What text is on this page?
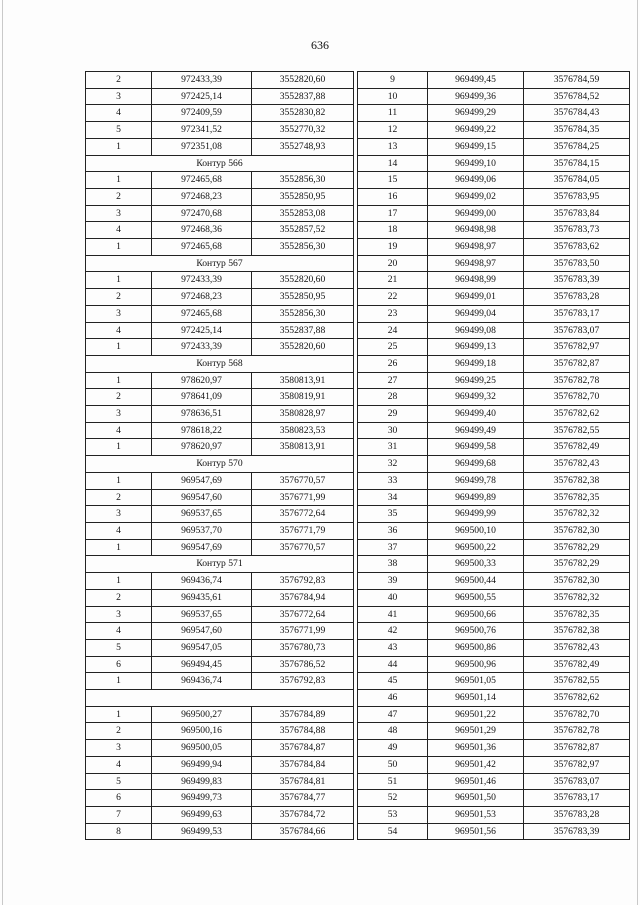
636
2	972433,39	3552820,60
3	972425,14	3552837,88
4	972409,59	3552830,82
5	972341,52	3552770,32
1	972351,08	3552748,93
Контур 566		
1	972465,68	3552856,30
2	972468,23	3552850,95
3	972470,68	3552853,08
4	972468,36	3552857,52
1	972465,68	3552856,30
Контур 567		
1	972433,39	3552820,60
2	972468,23	3552850,95
3	972465,68	3552856,30
4	972425,14	3552837,88
1	972433,39	3552820,60
Контур 568		
1	978620,97	3580813,91
2	978641,09	3580819,91
3	978636,51	3580828,97
4	978618,22	3580823,53
1	978620,97	3580813,91
Контур 570		
1	969547,69	3576770,57
2	969547,60	3576771,99
3	969537,65	3576772,64
4	969537,70	3576771,79
1	969547,69	3576770,57
Контур 571		
1	969436,74	3576792,83
2	969435,61	3576784,94
3	969537,65	3576772,64
4	969547,60	3576771,99
5	969547,05	3576780,73
6	969494,45	3576786,52
1	969436,74	3576792,83

1	969500,27	3576784,89
2	969500,16	3576784,88
3	969500,05	3576784,87
4	969499,94	3576784,84
5	969499,83	3576784,81
6	969499,73	3576784,77
7	969499,63	3576784,72
8	969499,53	3576784,66
9	969499,45	3576784,59
10	969499,36	3576784,52
11	969499,29	3576784,43
12	969499,22	3576784,35
13	969499,15	3576784,25
14	969499,10	3576784,15
15	969499,06	3576784,05
16	969499,02	3576783,95
17	969499,00	3576783,84
18	969498,98	3576783,73
19	969498,97	3576783,62
20	969498,97	3576783,50
21	969498,99	3576783,39
22	969499,01	3576783,28
23	969499,04	3576783,17
24	969499,08	3576783,07
25	969499,13	3576782,97
26	969499,18	3576782,87
27	969499,25	3576782,78
28	969499,32	3576782,70
29	969499,40	3576782,62
30	969499,49	3576782,55
31	969499,58	3576782,49
32	969499,68	3576782,43
33	969499,78	3576782,38
34	969499,89	3576782,35
35	969499,99	3576782,32
36	969500,10	3576782,30
37	969500,22	3576782,29
38	969500,33	3576782,29
39	969500,44	3576782,30
40	969500,55	3576782,32
41	969500,66	3576782,35
42	969500,76	3576782,38
43	969500,86	3576782,43
44	969500,96	3576782,49
45	969501,05	3576782,55
46	969501,14	3576782,62
47	969501,22	3576782,70
48	969501,29	3576782,78
49	969501,36	3576782,87
50	969501,42	3576782,97
51	969501,46	3576783,07
52	969501,50	3576783,17
53	969501,53	3576783,28
54	969501,56	3576783,39
